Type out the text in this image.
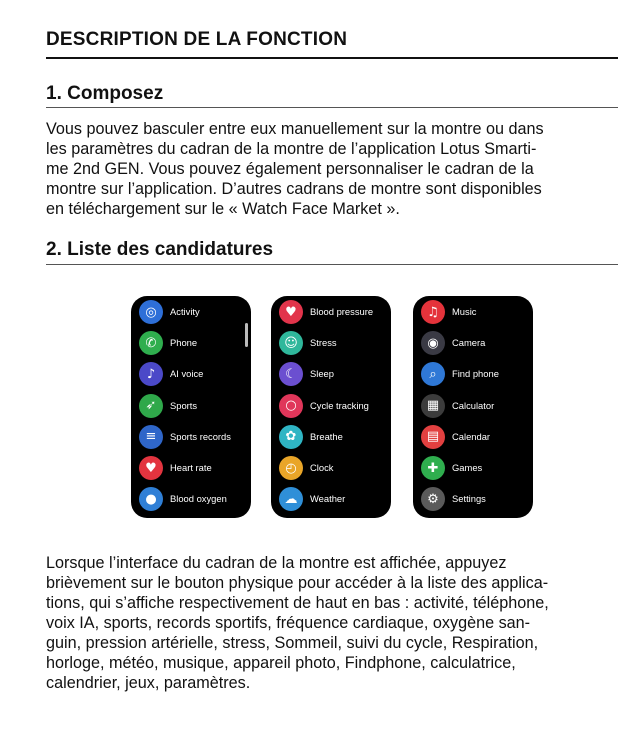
DESCRIPTION DE LA FONCTION
1. Composez
Vous pouvez basculer entre eux manuellement sur la montre ou dans
les paramètres du cadran de la montre de l’application Lotus Smarti-
me 2nd GEN. Vous pouvez également personnaliser le cadran de la
montre sur l’application. D’autres cadrans de montre sont disponibles
en téléchargement sur le « Watch Face Market ».
2. Liste des candidatures
◎	Activity
✆	Phone
♪	AI voice
➶	Sports
≡	Sports records
♥	Heart rate
●	Blood oxygen
♥	Blood pressure
☺	Stress
☾	Sleep
○	Cycle tracking
✿	Breathe
◴	Clock
☁	Weather
♫	Music
◉	Camera
⌕	Find phone
▦	Calculator
▤	Calendar
✚	Games
⚙	Settings
Lorsque l’interface du cadran de la montre est affichée, appuyez
brièvement sur le bouton physique pour accéder à la liste des applica-
tions, qui s’affiche respectivement de haut en bas : activité, téléphone,
voix IA, sports, records sportifs, fréquence cardiaque, oxygène san-
guin, pression artérielle, stress, Sommeil, suivi du cycle, Respiration,
horloge, météo, musique, appareil photo, Findphone, calculatrice,
calendrier, jeux, paramètres.
